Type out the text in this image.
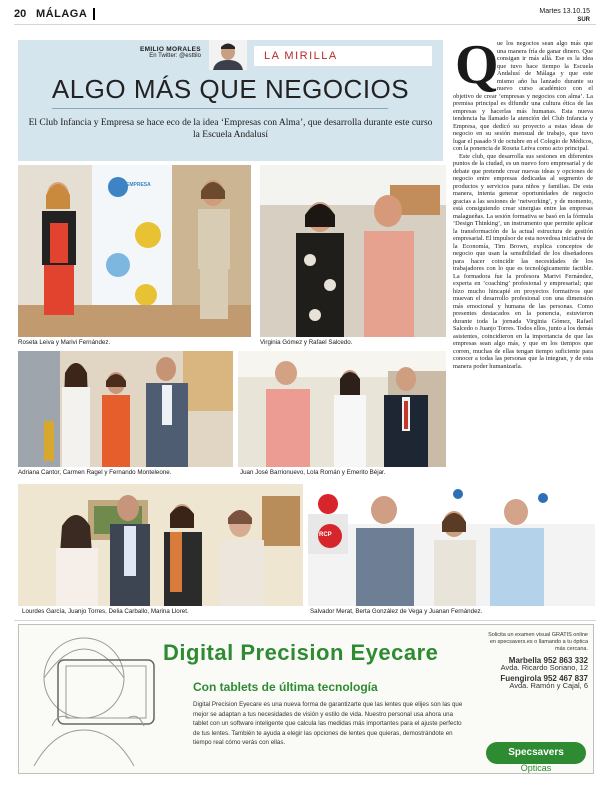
20 MÁLAGA	Martes 13.10.15
SUR
EMILIO MORALES
En Twitter: @esttilo	LA MIRILLA
ALGO MÁS QUE NEGOCIOS
El Club Infancia y Empresa se hace eco de la idea ‘Empresas con Alma’, que desarrolla durante este curso la Escuela Andalusí

ue los negocios sean algo más que una manera fría de ganar dinero. Que consigan ir más allá. Ese es la idea que tuvo hace tiempo la Escuela Andalusí de Málaga y que este mismo año ha lanzado durante su nuevo curso académico con el objetivo de crear ‘empresas y negocios con alma’. La premisa principal es difundir una cultura ética de las empresas y hacerlas más humanas. Esta nueva tendencia ha llamado la atención del Club Infancia y Empresa, que dedicó su proyecto a estas ideas de negocio en su sesión mensual de trabajo, que tuvo lugar el pasado 9 de octubre en el Colegio de Médicos, con la ponencia de Roseta Leiva como acto principal.

Este club, que desarrolla sus sesiones en diferentes puntos de la ciudad, es un nuevo foro empresarial y de debate que pretende crear nuevas ideas y opciones de negocio entre empresas dedicadas al segmento de productos y servicios para niños y familias. De esta manera, intenta generar oportunidades de negocio gracias a las sesiones de ‘networking’, y de momento, está consiguiendo crear sinergias entre las empresas malagueñas. La sesión formativa se basó en la fórmula ‘Design Thinking’, un instrumento que permite aplicar la transformación de la actual estructura de gestión empresarial. El impulsor de esta novedosa iniciativa de la Economía, Tim Brown, explica conceptos de negocio que usan la sensibilidad de los diseñadores para hacer coincidir las necesidades de los trabajadores con lo que es tecnológicamente factible. La formadora fue la profesora Marivi Fernández, experta en ‘coaching’ profesional y empresarial; que hizo mucho hincapié en proyectos formativos que muevan el desarrollo profesional con una dimensión más emocional y humana de las personas. Como presentes destacados en la ponencia, estuvieron durante toda la jornada Virginia Gómez, Rafael Salcedo o Juanjo Torres. Todos ellos, junto a los demás asistentes, coincidieron en la importancia de que las empresas sean algo más, y que en los tiempos que corren, muchas de ellas tengan tiempo suficiente para conocer a todas las personas que la integran, y de esta manera poder humanizarla.

Q
EMPRESA
Roseta Leiva y Marivi Fernández.	Virginia Gómez y Rafael Salcedo.
Adriana Cantor, Carmen Ragel y Fernando Monteleone.	Juan José Barrionuevo, Lola Román y Emerito Béjar.
Lourdes García, Juanjo Torres, Delia Carballo, Marina Lloret.
RCP
Salvador Merat, Berta González de Vega y Juanan Fernández.
Digital Precision Eyecare
Con tablets de última tecnología
Digital Precision Eyecare es una nueva forma de garantizarte que las lentes que elijes son las que mejor se adaptan a tus necesidades de visión y estilo de vida. Nuestro personal usa ahora una tablet con un software inteligente que calcula las medidas más importantes para el ajuste perfecto de tus lentes. También te ayuda a elegir las opciones de lentes que quieras, demostrándote en tiempo real cómo verás con ellas.
Solicita un examen visual GRATIS online en specsavers.es o llamando a tu óptica más cercana.
Marbella 952 863 332
Avda. Ricardo Soriano, 12
Fuengirola 952 467 837
Avda. Ramón y Cajal, 6
Specsavers
Opticas
